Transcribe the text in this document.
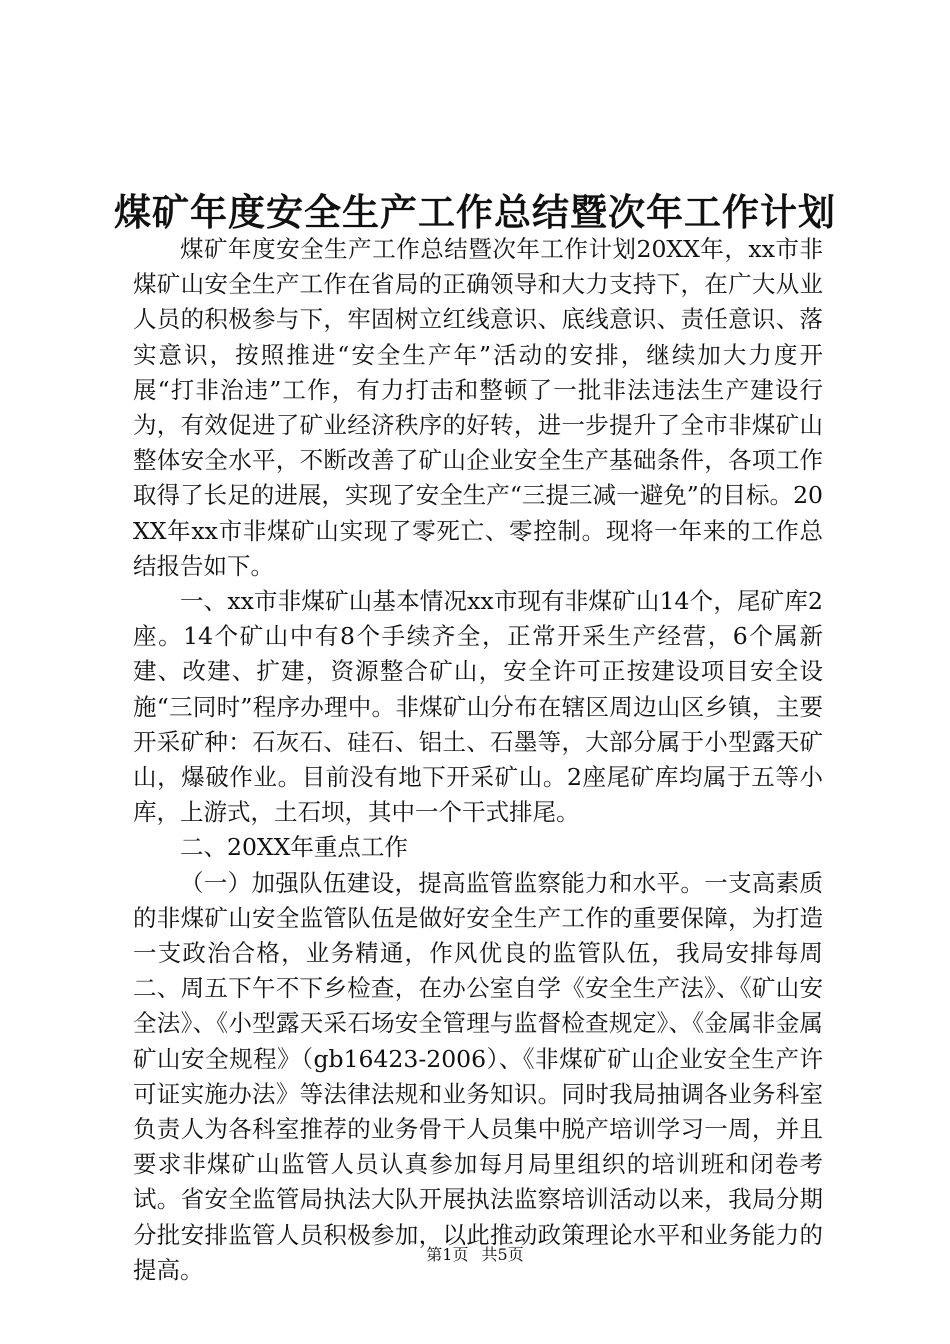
煤矿年度安全生产工作总结暨次年工作计划

煤矿年度安全生产工作总结暨次年工作计划20XX年，xx市非煤矿山安全生产工作在省局的正确领导和大力支持下，在广大从业人员的积极参与下，牢固树立红线意识、底线意识、责任意识、落实意识，按照推进“安全生产年”活动的安排，继续加大力度开展“打非治违”工作，有力打击和整顿了一批非法违法生产建设行为，有效促进了矿业经济秩序的好转，进一步提升了全市非煤矿山整体安全水平，不断改善了矿山企业安全生产基础条件，各项工作取得了长足的进展，实现了安全生产“三提三减一避免”的目标。20XX年xx市非煤矿山实现了零死亡、零控制。现将一年来的工作总结报告如下。

一、xx市非煤矿山基本情况xx市现有非煤矿山14个，尾矿库2座。14个矿山中有8个手续齐全，正常开采生产经营，6个属新建、改建、扩建，资源整合矿山，安全许可正按建设项目安全设施“三同时”程序办理中。非煤矿山分布在辖区周边山区乡镇，主要开采矿种：石灰石、硅石、铝土、石墨等，大部分属于小型露天矿山，爆破作业。目前没有地下开采矿山。2座尾矿库均属于五等小库，上游式，土石坝，其中一个干式排尾。

二、20XX年重点工作

（一）加强队伍建设，提高监管监察能力和水平。一支高素质的非煤矿山安全监管队伍是做好安全生产工作的重要保障，为打造一支政治合格，业务精通，作风优良的监管队伍，我局安排每周二、周五下午不下乡检查，在办公室自学《安全生产法》、《矿山安全法》、《小型露天采石场安全管理与监督检查规定》、《金属非金属矿山安全规程》（gb16423-2006）、《非煤矿矿山企业安全生产许可证实施办法》等法律法规和业务知识。同时我局抽调各业务科室负责人为各科室推荐的业务骨干人员集中脱产培训学习一周，并且要求非煤矿山监管人员认真参加每月局里组织的培训班和闭卷考试。省安全监管局执法大队开展执法监察培训活动以来，我局分期分批安排监管人员积极参加，以此推动政策理论水平和业务能力的提高。

第1页 共5页
